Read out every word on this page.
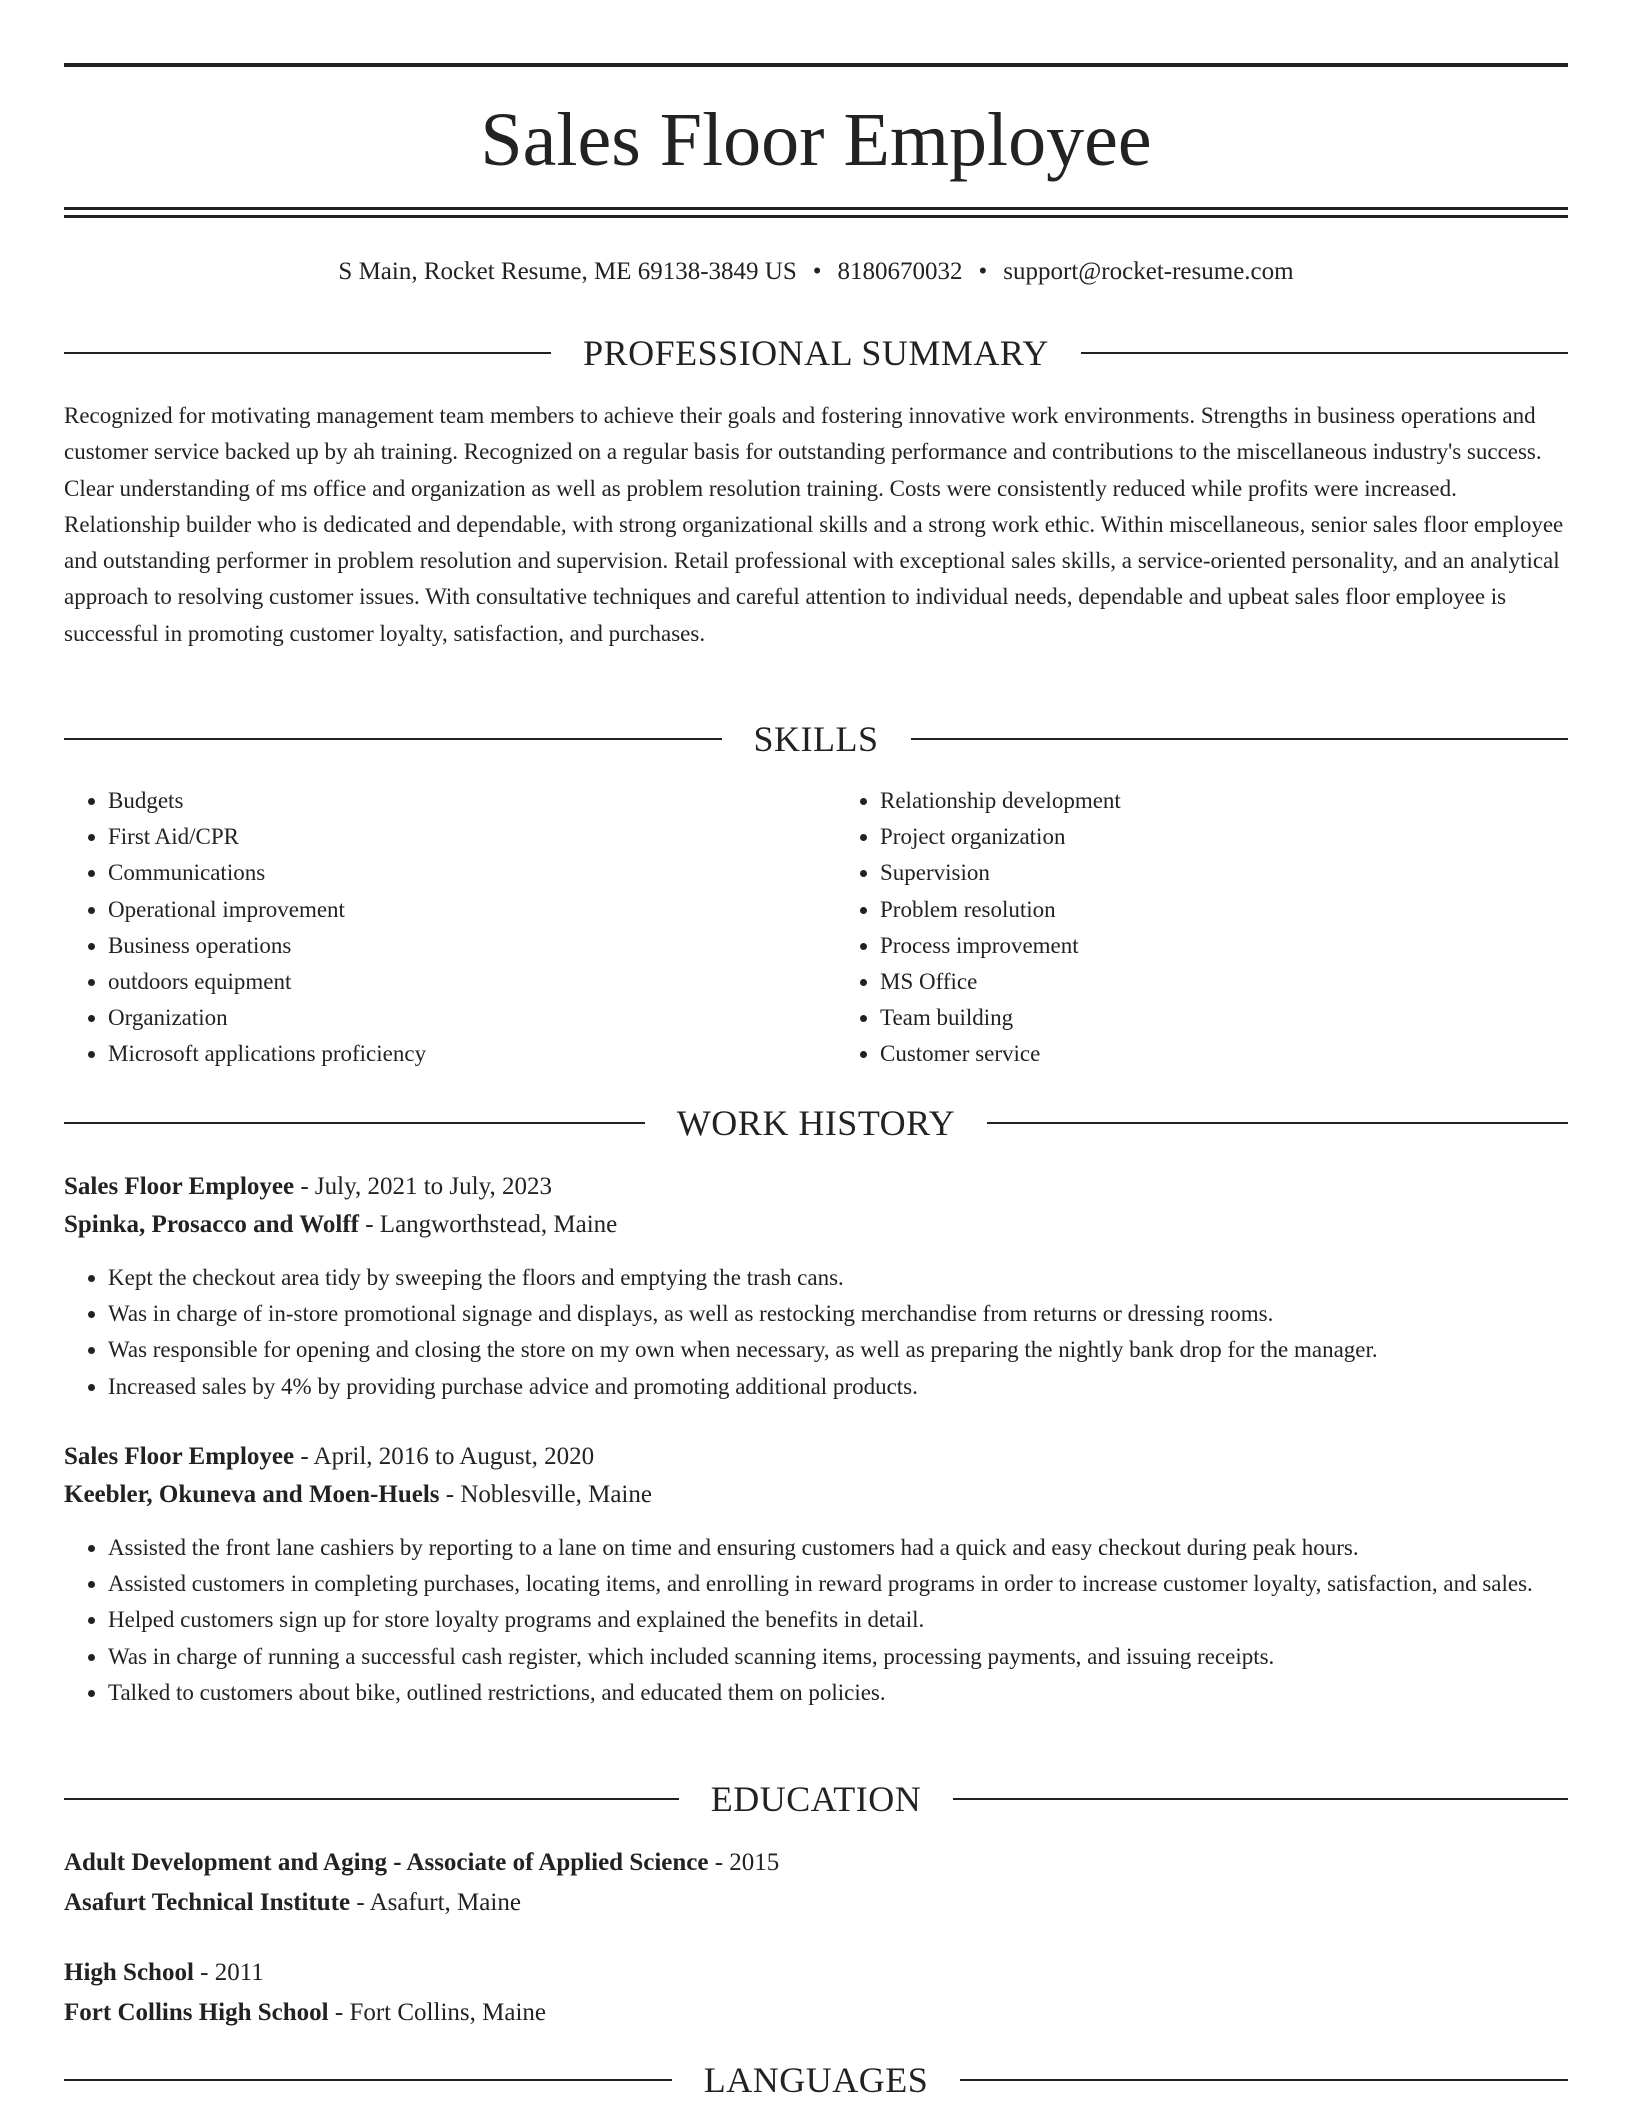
Sales Floor Employee
S Main, Rocket Resume, ME 69138-3849 US • 8180670032 • support@rocket-resume.com
PROFESSIONAL SUMMARY

Recognized for motivating management team members to achieve their goals and fostering innovative work environments. Strengths in business operations and customer service backed up by ah training. Recognized on a regular basis for outstanding performance and contributions to the miscellaneous industry's success. Clear understanding of ms office and organization as well as problem resolution training. Costs were consistently reduced while profits were increased. Relationship builder who is dedicated and dependable, with strong organizational skills and a strong work ethic. Within miscellaneous, senior sales floor employee and outstanding performer in problem resolution and supervision. Retail professional with exceptional sales skills, a service-oriented personality, and an analytical approach to resolving customer issues. With consultative techniques and careful attention to individual needs, dependable and upbeat sales floor employee is successful in promoting customer loyalty, satisfaction, and purchases.

SKILLS
• Budgets
• First Aid/CPR
• Communications
• Operational improvement
• Business operations
• outdoors equipment
• Organization
• Microsoft applications proficiency
• Relationship development
• Project organization
• Supervision
• Problem resolution
• Process improvement
• MS Office
• Team building
• Customer service
WORK HISTORY
Sales Floor Employee - July, 2021 to July, 2023
Spinka, Prosacco and Wolff - Langworthstead, Maine
• Kept the checkout area tidy by sweeping the floors and emptying the trash cans.
• Was in charge of in-store promotional signage and displays, as well as restocking merchandise from returns or dressing rooms.
• Was responsible for opening and closing the store on my own when necessary, as well as preparing the nightly bank drop for the manager.
• Increased sales by 4% by providing purchase advice and promoting additional products.
Sales Floor Employee - April, 2016 to August, 2020
Keebler, Okuneva and Moen-Huels - Noblesville, Maine
• Assisted the front lane cashiers by reporting to a lane on time and ensuring customers had a quick and easy checkout during peak hours.
• Assisted customers in completing purchases, locating items, and enrolling in reward programs in order to increase customer loyalty, satisfaction, and sales.
• Helped customers sign up for store loyalty programs and explained the benefits in detail.
• Was in charge of running a successful cash register, which included scanning items, processing payments, and issuing receipts.
• Talked to customers about bike, outlined restrictions, and educated them on policies.
EDUCATION
Adult Development and Aging - Associate of Applied Science - 2015
Asafurt Technical Institute - Asafurt, Maine
High School - 2011
Fort Collins High School - Fort Collins, Maine
LANGUAGES
